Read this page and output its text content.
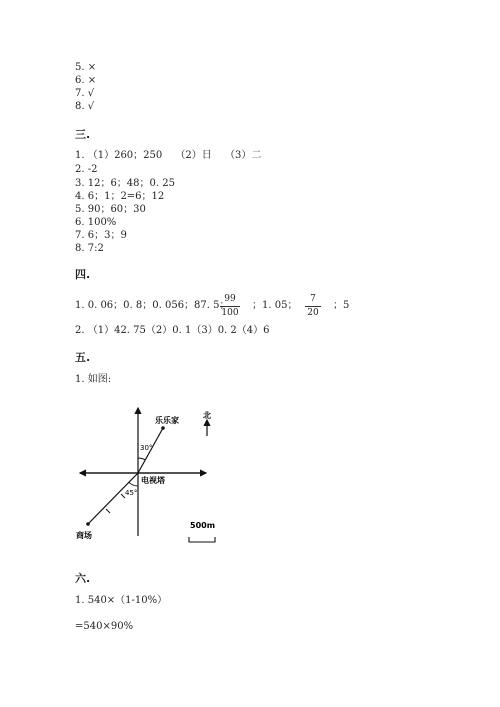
5. ×
6. ×
7. √
8. √
三.
1. （1）260；250　 （2）日　 （3）二
2. -2
3. 12；6；48；0. 25
4. 6；1；2=6；12
5. 90；60；30
6. 100%
7. 6；3；9
8. 7:2
四.
1. 0. 06；0. 8；0. 056；87. 5；
99
100
；1. 05；
7
20
；5
2. （1）42. 75（2）0. 1（3）0. 2（4）6
五.
1. 如图:
乐乐家
30°
电视塔
45°
商场
北
500m
六.
1. 540×（1-10%）
=540×90%
